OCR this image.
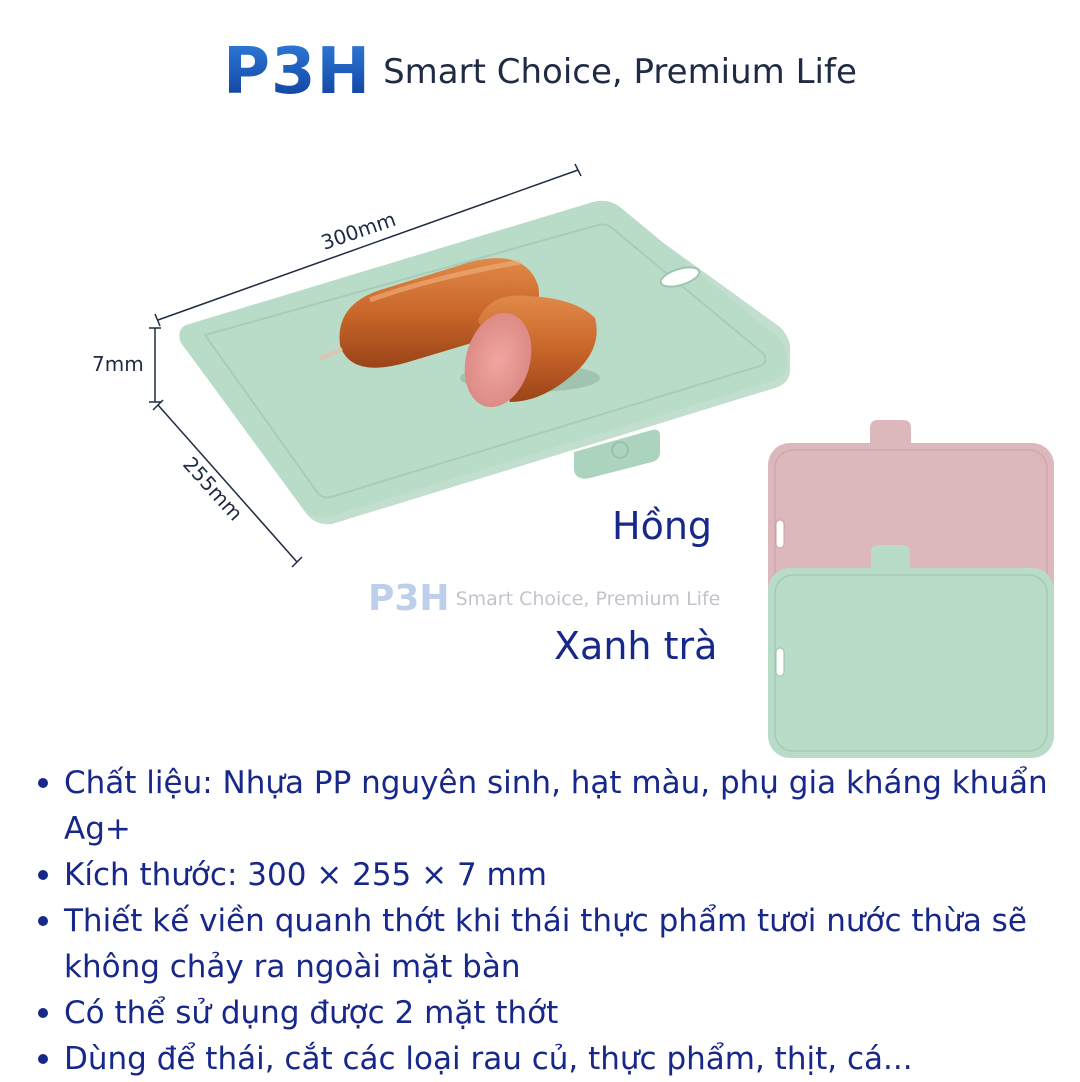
P3H Smart Choice, Premium Life
300mm
7mm
255mm
Hồng
Xanh trà
P3H Smart Choice, Premium Life
Chất liệu: Nhựa PP nguyên sinh, hạt màu, phụ gia kháng khuẩn Ag+
Kích thước: 300 × 255 × 7 mm
Thiết kế viền quanh thớt khi thái thực phẩm tươi nước thừa sẽ không chảy ra ngoài mặt bàn
Có thể sử dụng được 2 mặt thớt
Dùng để thái, cắt các loại rau củ, thực phẩm, thịt, cá...
